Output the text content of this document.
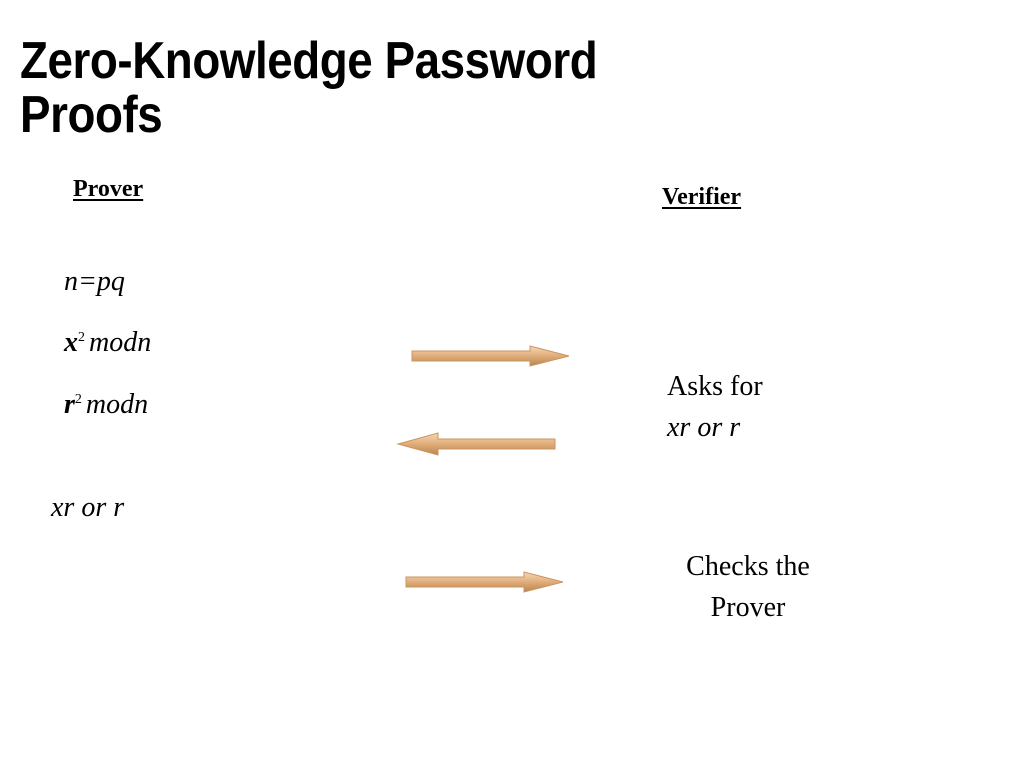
Zero-Knowledge Password
Proofs
Prover	Verifier
n=pq
$x^2$ modn
$r^2$ modn
xr or r
Asks for
xr or r
Checks the
Prover
